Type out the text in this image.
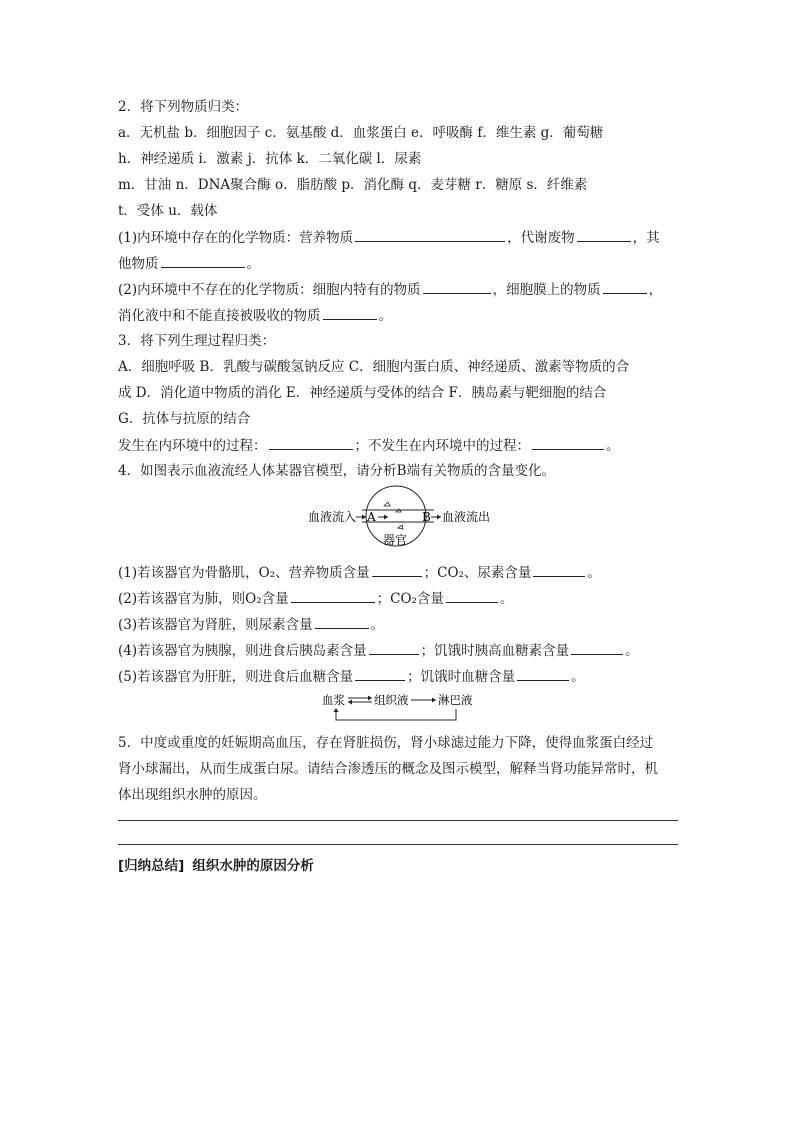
2．将下列物质归类：
a．无机盐 b．细胞因子 c．氨基酸 d．血浆蛋白 e．呼吸酶 f．维生素 g．葡萄糖
h．神经递质 i．激素 j．抗体 k．二氧化碳 l．尿素
m．甘油 n．DNA聚合酶 o．脂肪酸 p．消化酶 q．麦芽糖 r．糖原 s．纤维素
t．受体 u．载体
(1)内环境中存在的化学物质：营养物质	，代谢废物	，其
他物质	。
(2)内环境中不存在的化学物质：细胞内特有的物质	，细胞膜上的物质	，
消化液中和不能直接被吸收的物质	。
3．将下列生理过程归类：
A．细胞呼吸 B．乳酸与碳酸氢钠反应 C．细胞内蛋白质、神经递质、激素等物质的合
成 D．消化道中物质的消化 E．神经递质与受体的结合 F．胰岛素与靶细胞的结合
G．抗体与抗原的结合
发生在内环境中的过程：	；不发生在内环境中的过程：	。
4．如图表示血液流经人体某器官模型，请分析B端有关物质的含量变化。
血液流入 A	B 血液流出
器官
(1)若该器官为骨骼肌，O₂、营养物质含量	；CO₂、尿素含量	。
(2)若该器官为肺，则O₂含量	；CO₂含量	。
(3)若该器官为肾脏，则尿素含量	。
(4)若该器官为胰腺，则进食后胰岛素含量	；饥饿时胰高血糖素含量	。
(5)若该器官为肝脏，则进食后血糖含量	；饥饿时血糖含量	。
血浆	组织液	淋巴液
5．中度或重度的妊娠期高血压，存在肾脏损伤，肾小球滤过能力下降，使得血浆蛋白经过
肾小球漏出，从而生成蛋白尿。请结合渗透压的概念及图示模型，解释当肾功能异常时，机
体出现组织水肿的原因。
[归纳总结] 组织水肿的原因分析
